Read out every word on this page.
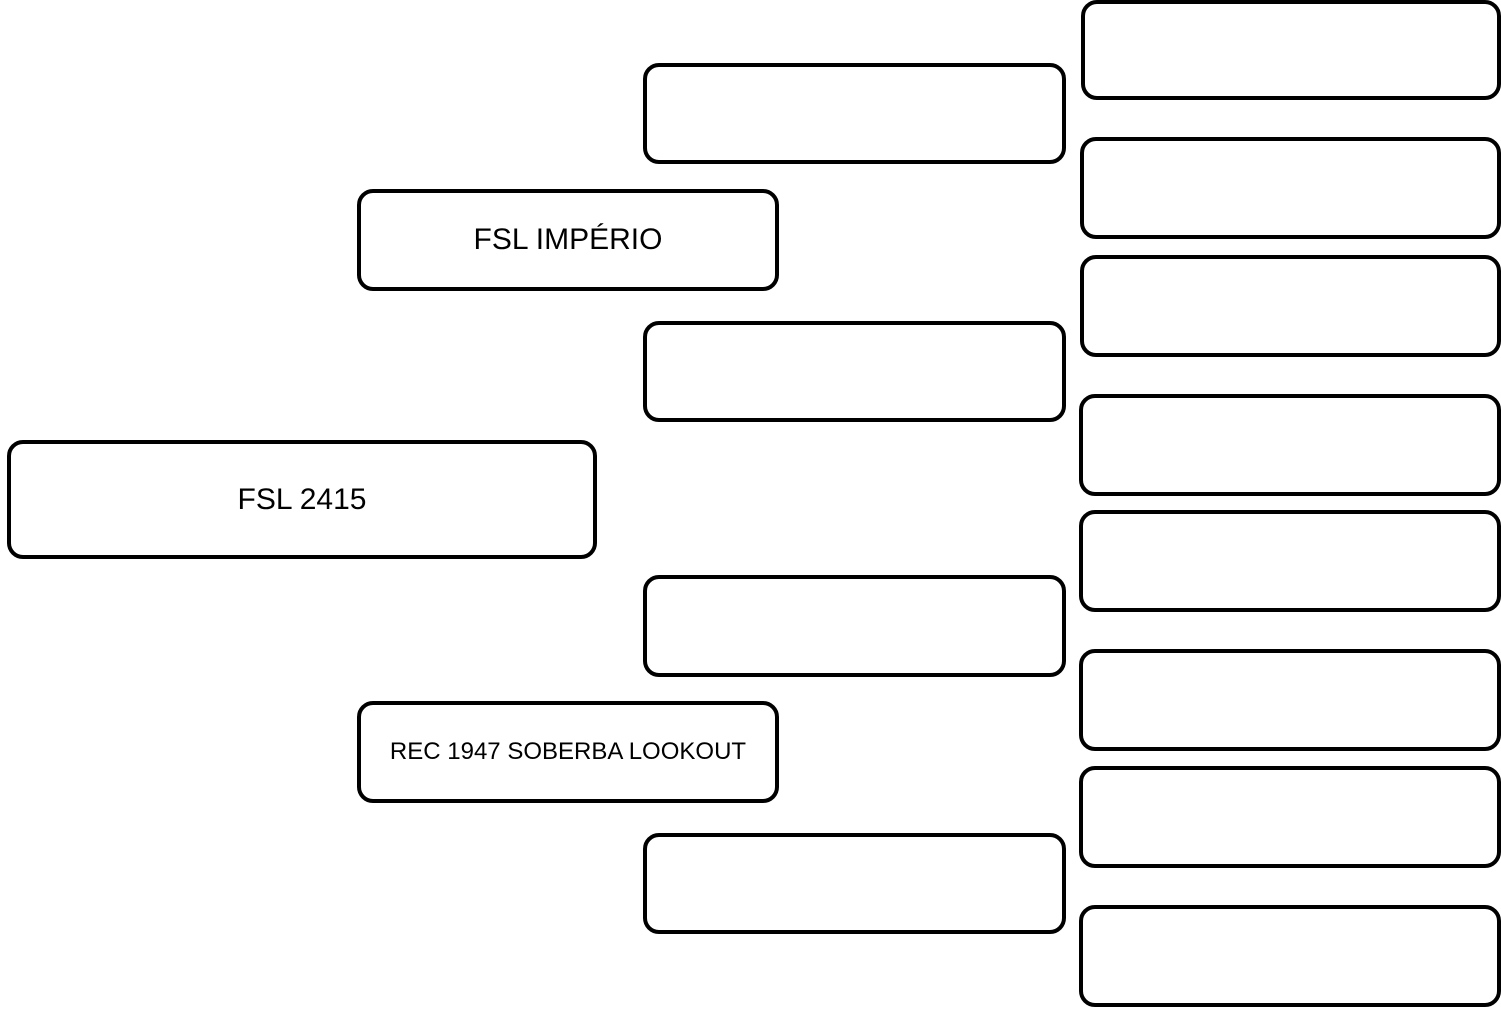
FSL 2415
FSL IMPÉRIO
REC 1947 SOBERBA LOOKOUT
